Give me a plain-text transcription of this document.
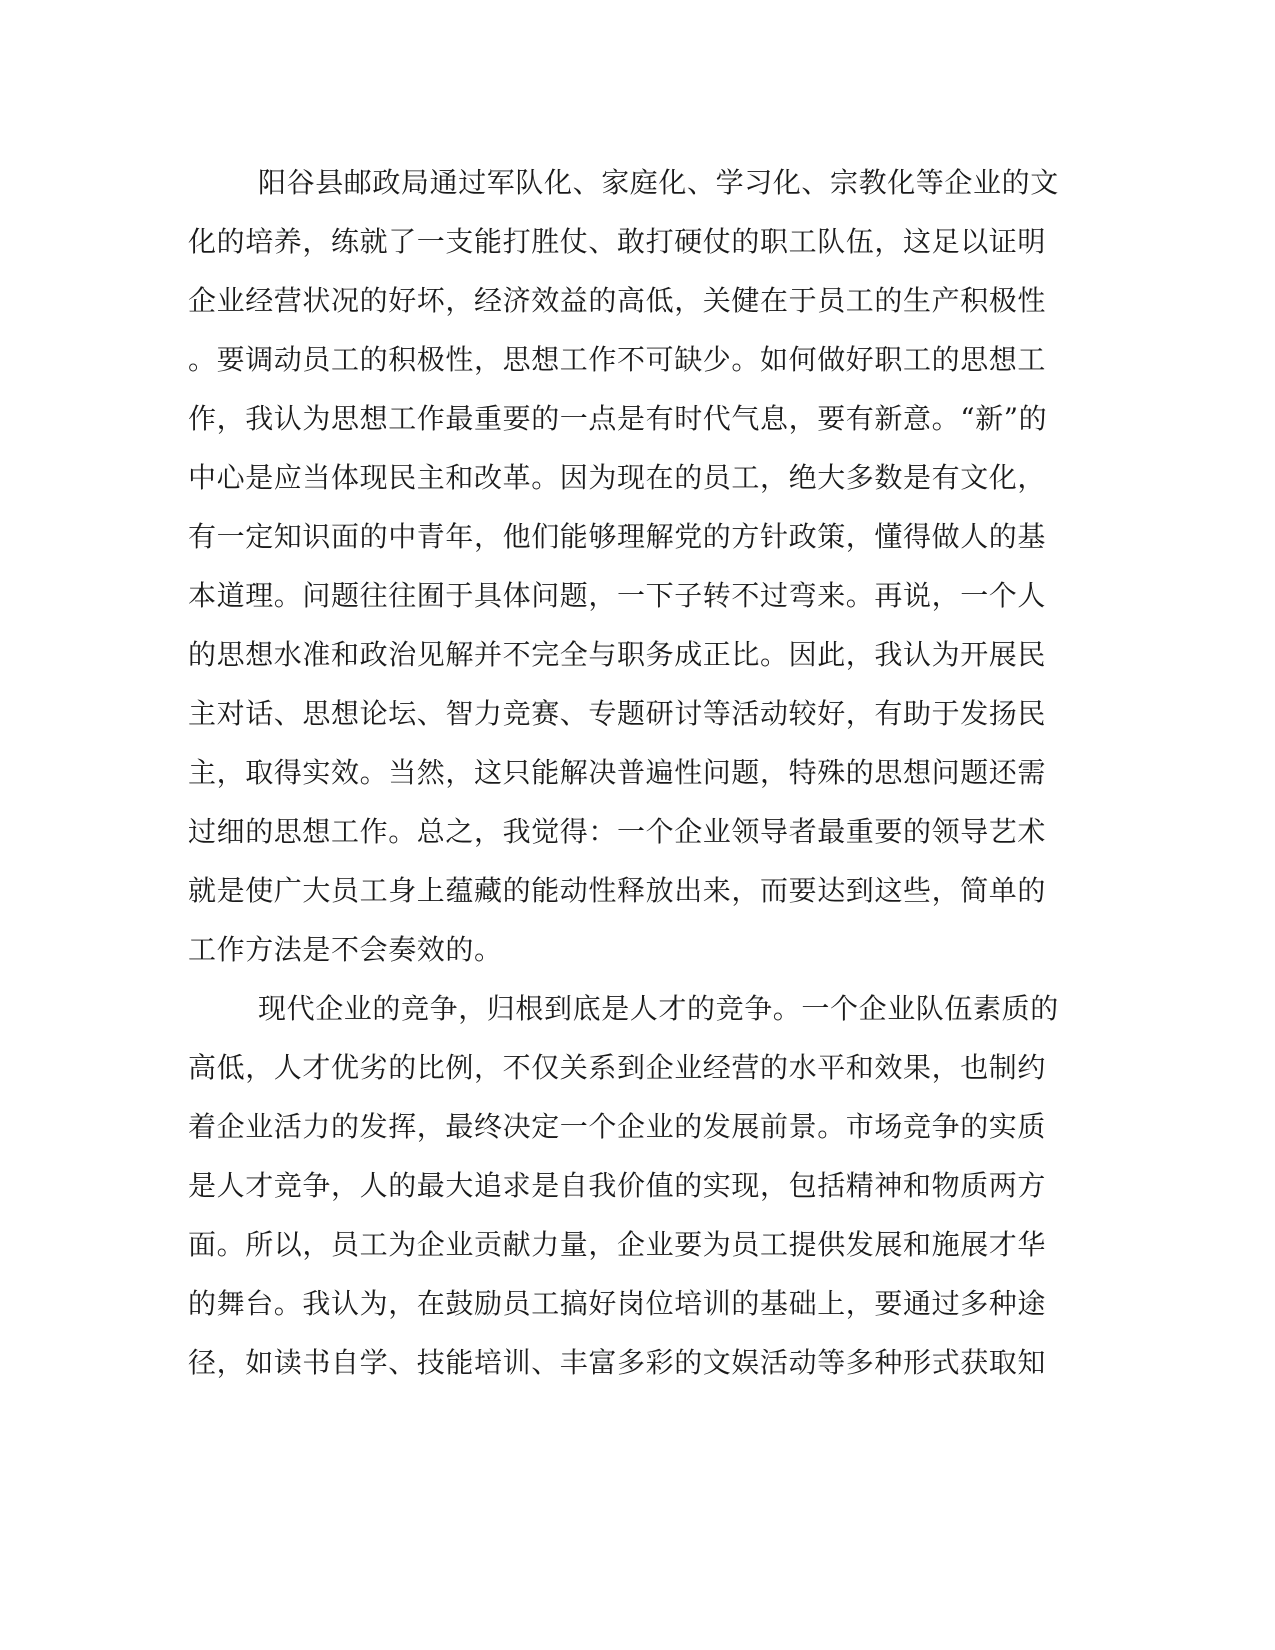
阳谷县邮政局通过军队化、家庭化、学习化、宗教化等企业的文

化的培养，练就了一支能打胜仗、敢打硬仗的职工队伍，这足以证明

企业经营状况的好坏，经济效益的高低，关健在于员工的生产积极性

。要调动员工的积极性，思想工作不可缺少。如何做好职工的思想工

作，我认为思想工作最重要的一点是有时代气息，要有新意。“新”的

中心是应当体现民主和改革。因为现在的员工，绝大多数是有文化，

有一定知识面的中青年，他们能够理解党的方针政策，懂得做人的基

本道理。问题往往囿于具体问题，一下子转不过弯来。再说，一个人

的思想水准和政治见解并不完全与职务成正比。因此，我认为开展民

主对话、思想论坛、智力竞赛、专题研讨等活动较好，有助于发扬民

主，取得实效。当然，这只能解决普遍性问题，特殊的思想问题还需

过细的思想工作。总之，我觉得：一个企业领导者最重要的领导艺术

就是使广大员工身上蕴藏的能动性释放出来，而要达到这些，简单的

工作方法是不会奏效的。

现代企业的竞争，归根到底是人才的竞争。一个企业队伍素质的

高低，人才优劣的比例，不仅关系到企业经营的水平和效果，也制约

着企业活力的发挥，最终决定一个企业的发展前景。市场竞争的实质

是人才竞争，人的最大追求是自我价值的实现，包括精神和物质两方

面。所以，员工为企业贡献力量，企业要为员工提供发展和施展才华

的舞台。我认为，在鼓励员工搞好岗位培训的基础上，要通过多种途

径，如读书自学、技能培训、丰富多彩的文娱活动等多种形式获取知
